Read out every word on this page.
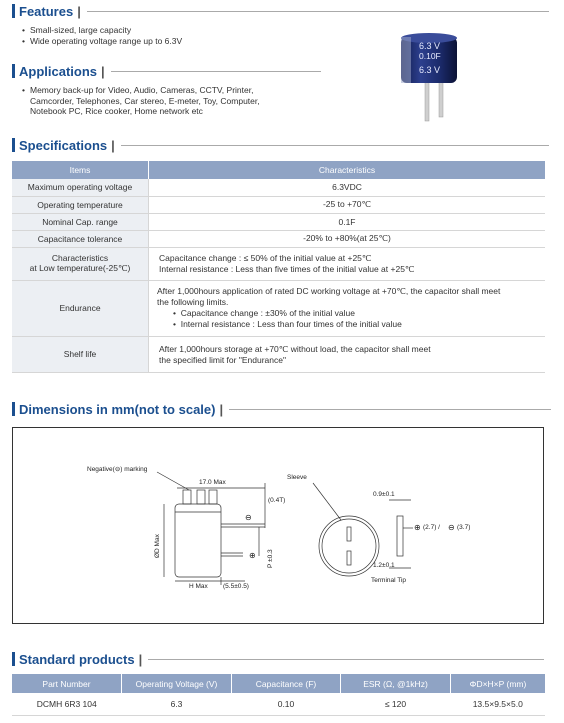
Features |
• Small-sized, large capacity
• Wide operating voltage range up to 6.3V
Applications |
• Memory back-up for Video, Audio, Cameras, CCTV, Printer,
Camcorder, Telephones, Car stereo, E-meter, Toy, Computer,
Notebook PC, Rice cooker, Home network etc
6.3 V
0.10F
6.3 V
Specifications |
Items	Characteristics
Maximum operating voltage	6.3VDC
Operating temperature	-25 to +70℃
Nominal Cap. range	0.1F
Capacitance tolerance	-20% to +80%(at 25℃)
Characteristics
at Low temperature(-25℃)	Capacitance change : ≤ 50% of the initial value at +25℃
Internal resistance : Less than five times of the initial value at +25℃
Endurance	After 1,000hours application of rated DC working voltage at +70℃, the capacitor shall meet
the following limits.
•  Capacitance change : ±30% of the initial value
•  Internal resistance : Less than four times of the initial value
Shelf life	After 1,000hours storage at +70℃ without load, the capacitor shall meet
the specified limit for "Endurance"
Dimensions in mm(not to scale) |
Negative(⊖) marking
17.0 Max
(0.4T)
⊖
⊕
ØD Max
P ±0.3
H Max (5.5±0.5)
Sleeve
0.9±0.1
1.2±0.1
⊕ (2.7) / ⊖ (3.7)
Terminal Tip
Standard products |
Part Number	Operating Voltage (V)	Capacitance (F)	ESR (Ω, @1kHz)	ΦD×H×P (mm)
DCMH 6R3 104	6.3	0.10	≤ 120	13.5×9.5×5.0
